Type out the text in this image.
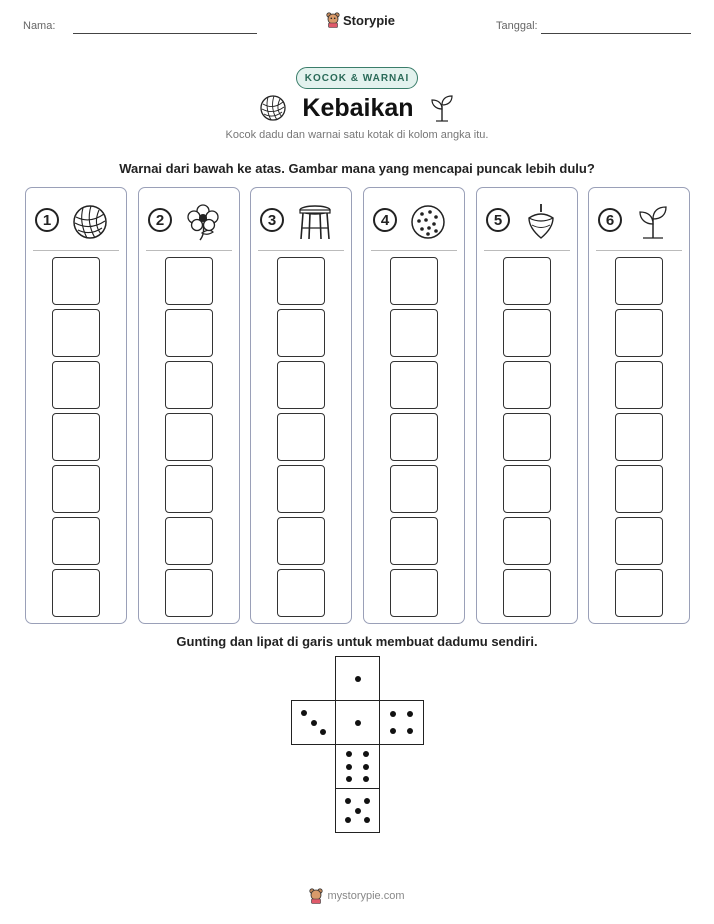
Nama:	Storypie	Tanggal:
KOCOK & WARNAI
Kebaikan
Kocok dadu dan warnai satu kotak di kolom angka itu.
Warnai dari bawah ke atas. Gambar mana yang mencapai puncak lebih dulu?
1	2	3	4	5	6
Gunting dan lipat di garis untuk membuat dadumu sendiri.
mystorypie.com
